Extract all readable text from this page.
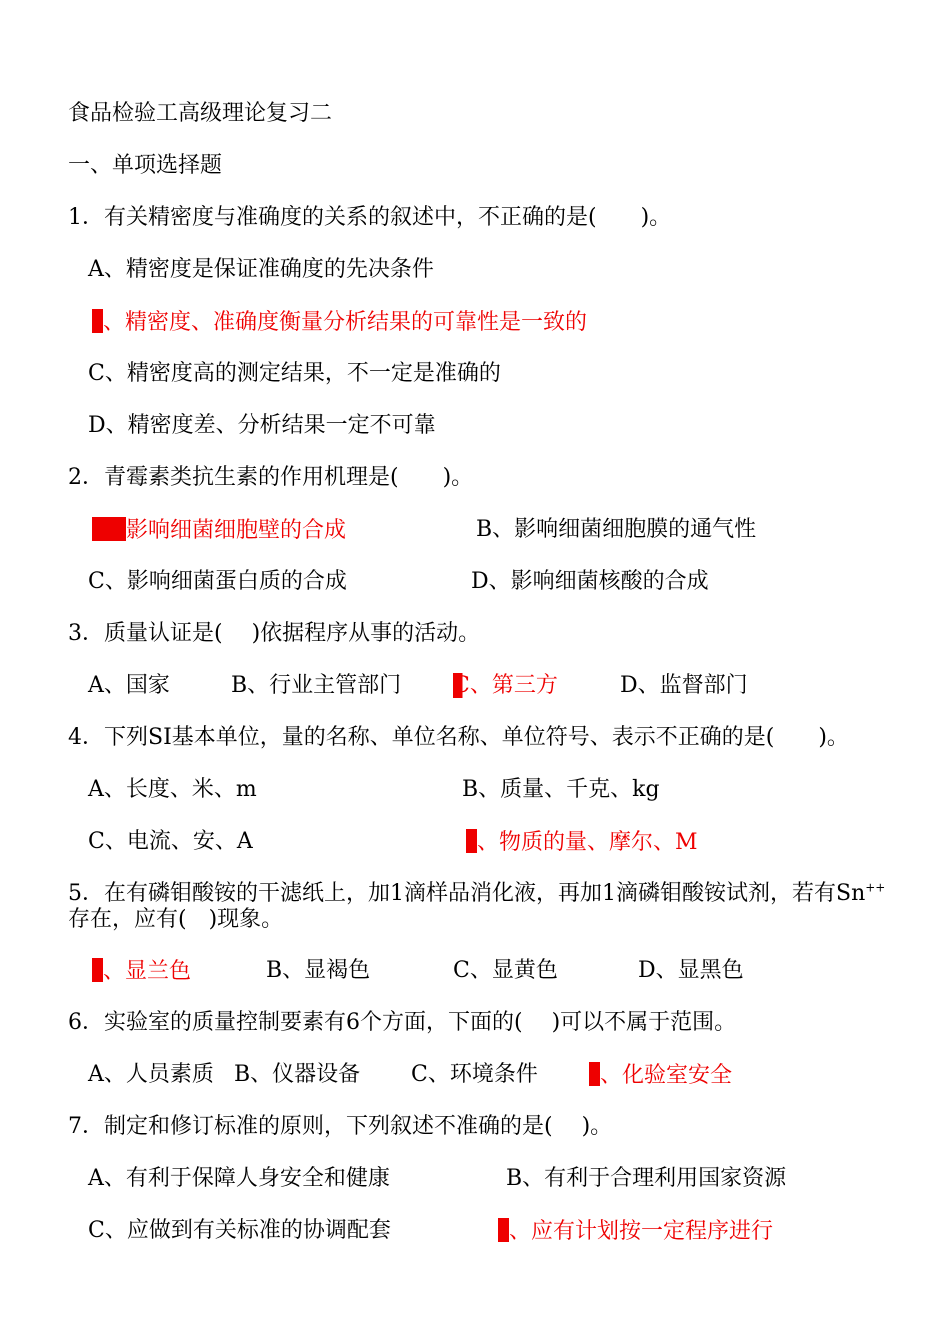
食品检验工高级理论复习二
一、单项选择题
1．有关精密度与准确度的关系的叙述中，不正确的是(　　)。
A、精密度是保证准确度的先决条件
、精密度、准确度衡量分析结果的可靠性是一致的
C、精密度高的测定结果，不一定是准确的
D、精密度差、分析结果一定不可靠
2．青霉素类抗生素的作用机理是(　　)。
影响细菌细胞壁的合成	B、影响细菌细胞膜的通气性
C、影响细菌蛋白质的合成	D、影响细菌核酸的合成
3．质量认证是(　 )依据程序从事的活动。
A、国家	B、行业主管部门 C、第三方	D、监督部门
4．下列SI基本单位，量的名称、单位名称、单位符号、表示不正确的是(　　)。
A、长度、米、m	B、质量、千克、kg
C、电流、安、A	、物质的量、摩尔、M
5．在有磷钼酸铵的干滤纸上，加1滴样品消化液，再加1滴磷钼酸铵试剂，若有Sn++
存在，应有(　)现象。
、显兰色	B、显褐色	C、显黄色	D、显黑色
6．实验室的质量控制要素有6个方面，下面的(　 )可以不属于范围。
A、人员素质 B、仪器设备 C、环境条件	、化验室安全
7．制定和修订标准的原则，下列叙述不准确的是(　 )。
A、有利于保障人身安全和健康	B、有利于合理利用国家资源
C、应做到有关标准的协调配套	、应有计划按一定程序进行
